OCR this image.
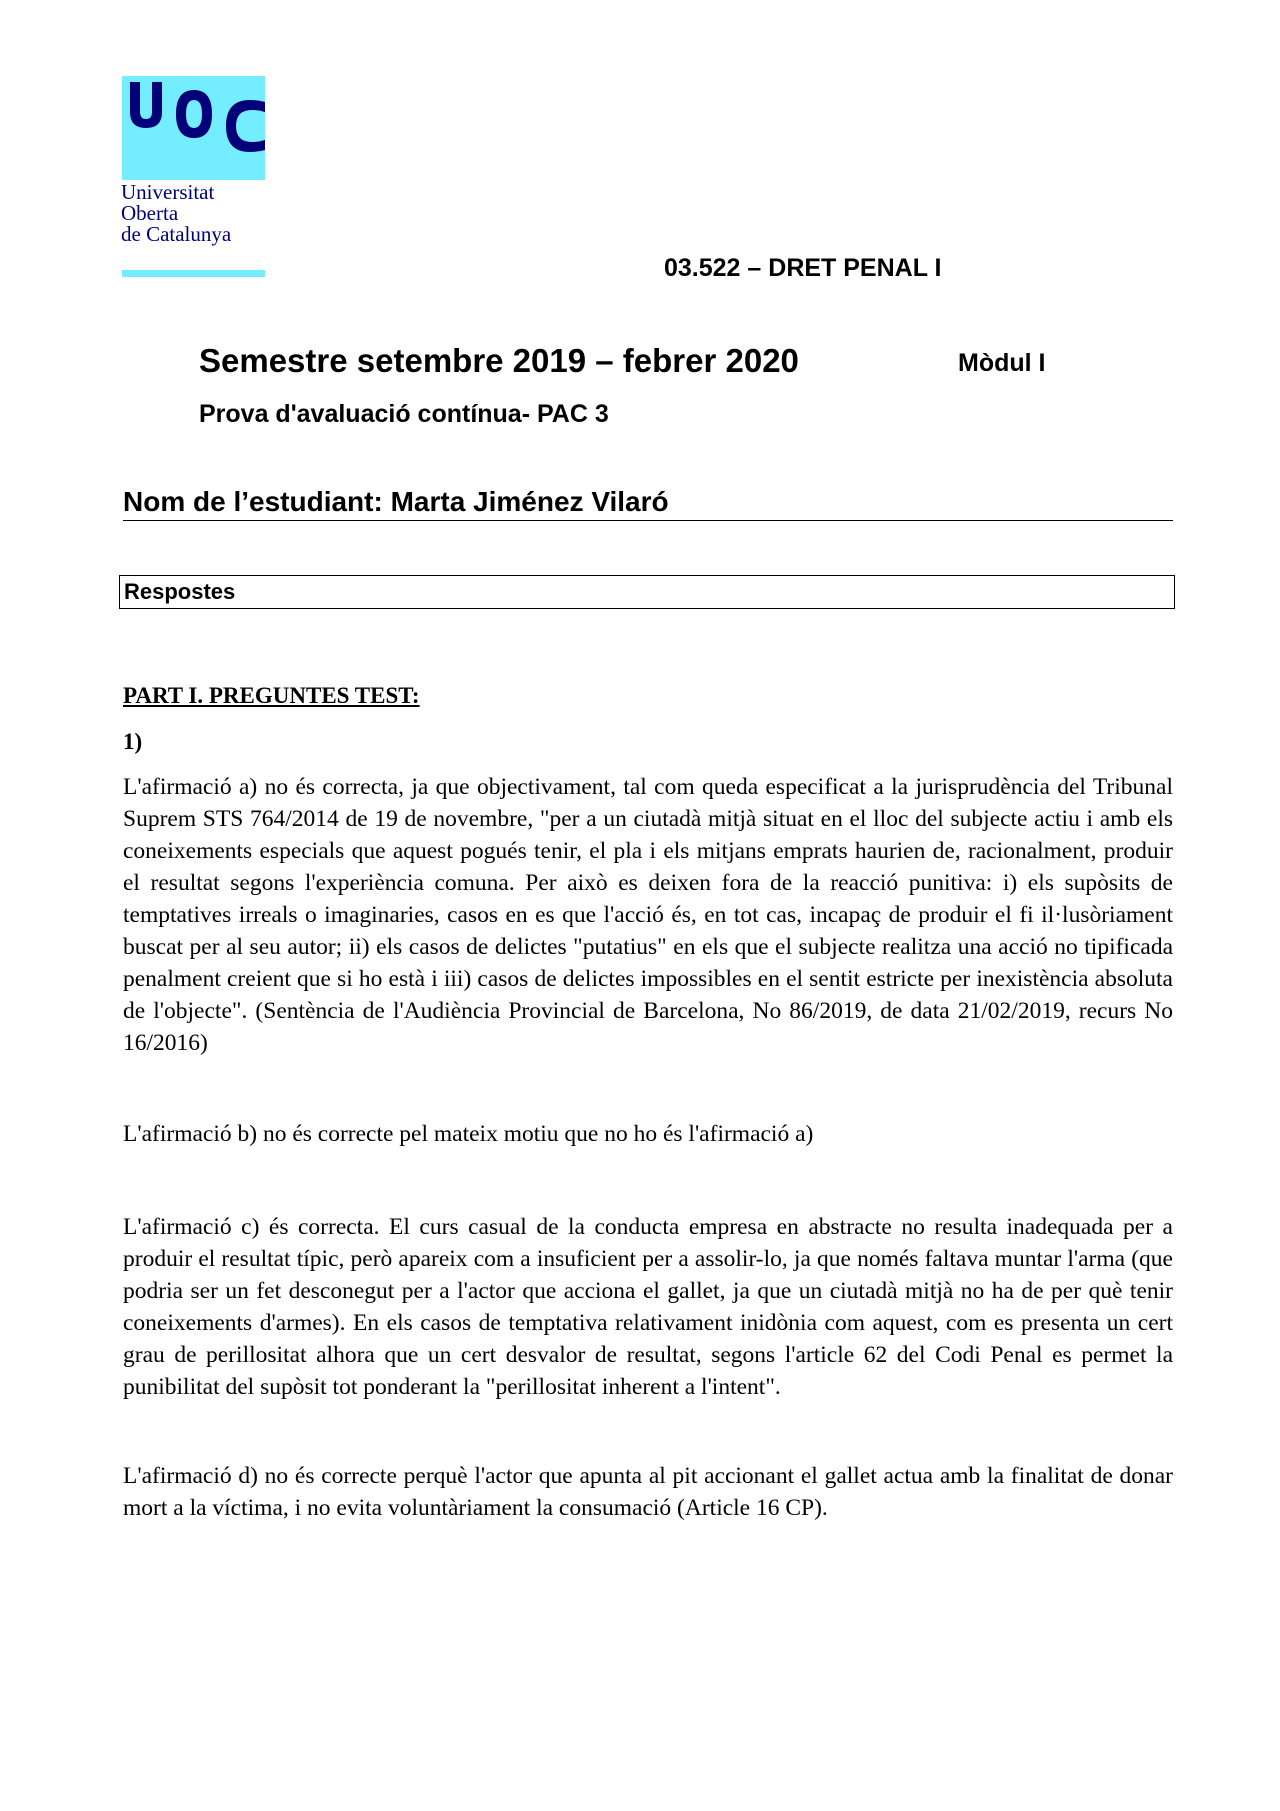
Universitat
Oberta
de Catalunya
03.522 – DRET PENAL I
Semestre setembre 2019 – febrer 2020	Mòdul I
Prova d'avaluació contínua- PAC 3
Nom de l’estudiant: Marta Jiménez Vilaró
Respostes
PART I. PREGUNTES TEST:
1)
L'afirmació a) no és correcta, ja que objectivament, tal com queda especificat a la jurisprudència del Tribunal Suprem STS 764/2014 de 19 de novembre, "per a un ciutadà mitjà situat en el lloc del subjecte actiu i amb els coneixements especials que aquest pogués tenir, el pla i els mitjans emprats haurien de, racionalment, produir el resultat segons l'experiència comuna. Per això es deixen fora de la reacció punitiva: i) els supòsits de temptatives irreals o imaginaries, casos en es que l'acció és, en tot cas, incapaç de produir el fi il·lusòriament buscat per al seu autor; ii) els casos de delictes "putatius" en els que el subjecte realitza una acció no tipificada penalment creient que si ho està i iii) casos de delictes impossibles en el sentit estricte per inexistència absoluta de l'objecte". (Sentència de l'Audiència Provincial de Barcelona, No 86/2019, de data 21/02/2019, recurs No 16/2016)
L'afirmació b) no és correcte pel mateix motiu que no ho és l'afirmació a)
L'afirmació c) és correcta. El curs casual de la conducta empresa en abstracte no resulta inadequada per a produir el resultat típic, però apareix com a insuficient per a assolir-lo, ja que només faltava muntar l'arma (que podria ser un fet desconegut per a l'actor que acciona el gallet, ja que un ciutadà mitjà no ha de per què tenir coneixements d'armes). En els casos de temptativa relativament inidònia com aquest, com es presenta un cert grau de perillositat alhora que un cert desvalor de resultat, segons l'article 62 del Codi Penal es permet la punibilitat del supòsit tot ponderant la "perillositat inherent a l'intent".
L'afirmació d) no és correcte perquè l'actor que apunta al pit accionant el gallet actua amb la finalitat de donar mort a la víctima, i no evita voluntàriament la consumació (Article 16 CP).
